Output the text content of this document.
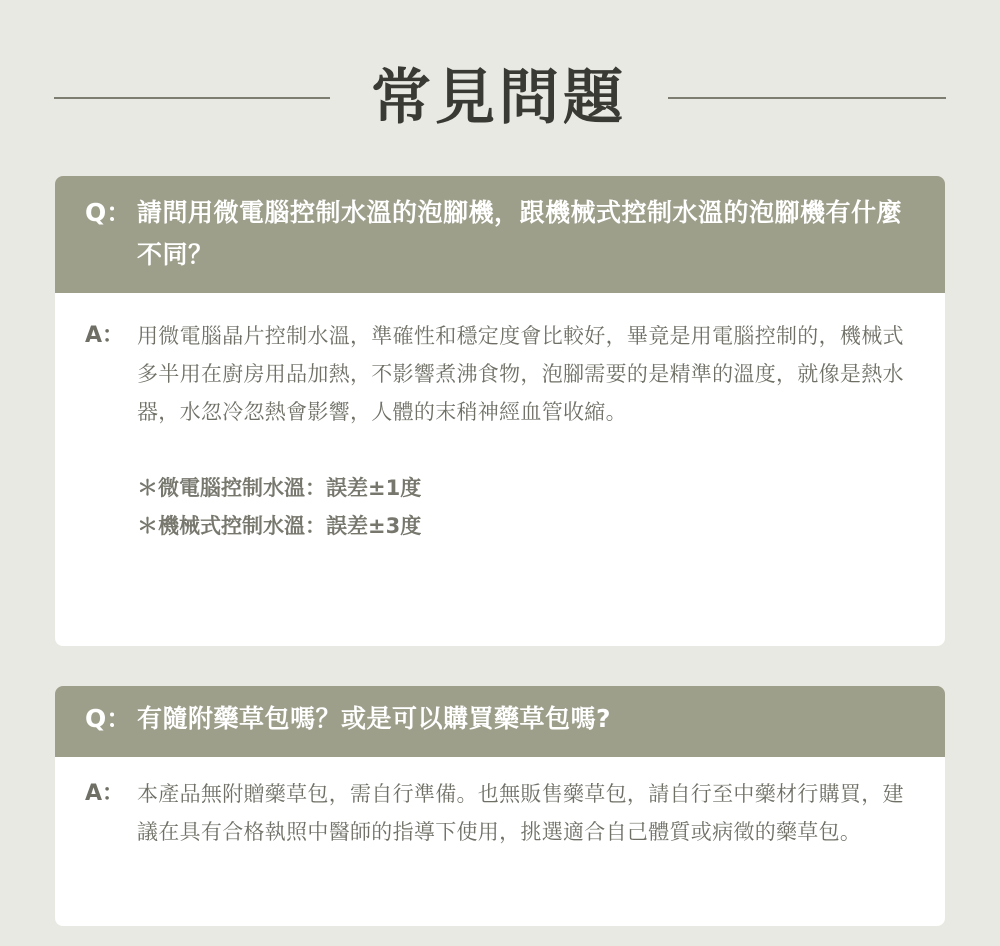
常見問題
Q： 請問用微電腦控制水溫的泡腳機，跟機械式控制水溫的泡腳機有什麼不同？
A： 用微電腦晶片控制水溫，準確性和穩定度會比較好，畢竟是用電腦控制的，機械式多半用在廚房用品加熱，不影響煮沸食物，泡腳需要的是精準的溫度，就像是熱水器，水忽冷忽熱會影響，人體的末稍神經血管收縮。

＊微電腦控制水溫：誤差±1度
＊機械式控制水溫：誤差±3度
Q： 有隨附藥草包嗎？或是可以購買藥草包嗎?
A： 本產品無附贈藥草包，需自行準備。也無販售藥草包，請自行至中藥材行購買，建議在具有合格執照中醫師的指導下使用，挑選適合自己體質或病徵的藥草包。
